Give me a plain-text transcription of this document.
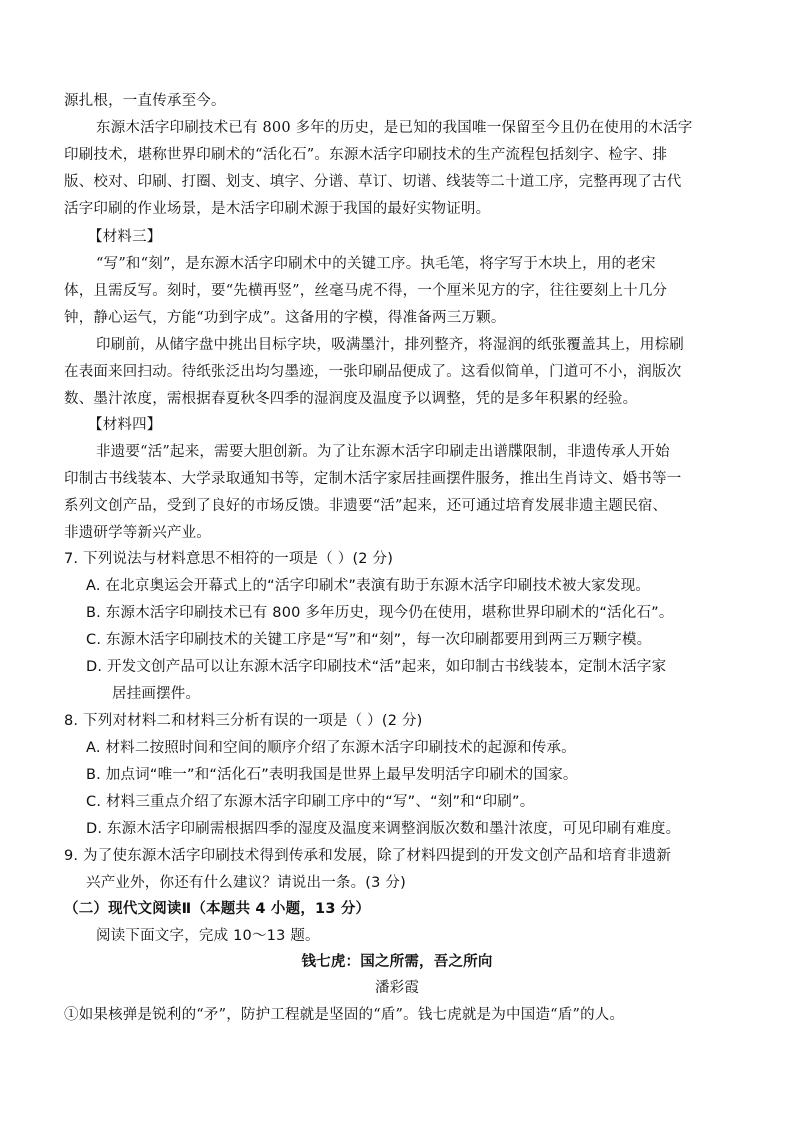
源扎根，一直传承至今。
东源木活字印刷技术已有 800 多年的历史，是已知的我国唯一保留至今且仍在使用的木活字
印刷技术，堪称世界印刷术的“活化石”。东源木活字印刷技术的生产流程包括刻字、检字、排
版、校对、印刷、打圈、划支、填字、分谱、草订、切谱、线装等二十道工序，完整再现了古代
活字印刷的作业场景，是木活字印刷术源于我国的最好实物证明。
【材料三】
“写”和“刻”，是东源木活字印刷术中的关键工序。执毛笔，将字写于木块上，用的老宋
体，且需反写。刻时，要“先横再竖”，丝毫马虎不得，一个厘米见方的字，往往要刻上十几分
钟，静心运气，方能“功到字成”。这备用的字模，得准备两三万颗。
印刷前，从储字盘中挑出目标字块，吸满墨汁，排列整齐，将湿润的纸张覆盖其上，用棕刷
在表面来回扫动。待纸张泛出均匀墨迹，一张印刷品便成了。这看似简单，门道可不小，润版次
数、墨汁浓度，需根据春夏秋冬四季的湿润度及温度予以调整，凭的是多年积累的经验。
【材料四】
非遗要“活”起来，需要大胆创新。为了让东源木活字印刷走出谱牒限制，非遗传承人开始
印制古书线装本、大学录取通知书等，定制木活字家居挂画摆件服务，推出生肖诗文、婚书等一
系列文创产品，受到了良好的市场反馈。非遗要“活”起来，还可通过培育发展非遗主题民宿、
非遗研学等新兴产业。
7. 下列说法与材料意思不相符的一项是（ ）(2 分)
A. 在北京奥运会开幕式上的“活字印刷术”表演有助于东源木活字印刷技术被大家发现。
B. 东源木活字印刷技术已有 800 多年历史，现今仍在使用，堪称世界印刷术的“活化石”。
C. 东源木活字印刷技术的关键工序是“写”和“刻”，每一次印刷都要用到两三万颗字模。
D. 开发文创产品可以让东源木活字印刷技术“活”起来，如印制古书线装本，定制木活字家
居挂画摆件。
8. 下列对材料二和材料三分析有误的一项是（ ）(2 分)
A. 材料二按照时间和空间的顺序介绍了东源木活字印刷技术的起源和传承。
B. 加点词“唯一”和“活化石”表明我国是世界上最早发明活字印刷术的国家。
C. 材料三重点介绍了东源木活字印刷工序中的“写”、“刻”和“印刷”。
D. 东源木活字印刷需根据四季的湿度及温度来调整润版次数和墨汁浓度，可见印刷有难度。
9. 为了使东源木活字印刷技术得到传承和发展，除了材料四提到的开发文创产品和培育非遗新
兴产业外，你还有什么建议？请说出一条。(3 分)
（二）现代文阅读Ⅱ（本题共 4 小题，13 分）
阅读下面文字，完成 10～13 题。
钱七虎：国之所需，吾之所向
潘彩霞
①如果核弹是锐利的“矛”，防护工程就是坚固的“盾”。钱七虎就是为中国造“盾”的人。
